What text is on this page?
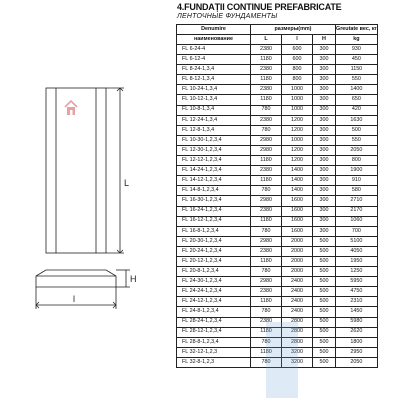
L
H
l
4.FUNDAȚII CONTINUE PREFABRICATE
ЛЕНТОЧНЫЕ ФУНДАМЕНТЫ
Denumire	размеры(mm)			Greutate вес, кг
наименование	L	l	H	kg
FL 6-24-4	2380	600	300	930
FL 6-12-4	1180	600	300	450
FL 8-24-1,3,4	2380	800	300	1150
FL 8-12-1,3,4	1180	800	300	550
FL 10-24-1,3,4	2380	1000	300	1400
FL 10-12-1,3,4	1180	1000	300	650
FL 10-8-1,3,4	780	1000	300	420
FL 12-24-1,3,4	2380	1200	300	1630
FL 12-8-1,3,4	780	1200	300	500
FL 10-30-1,2,3,4	2980	1000	300	550
FL 12-30-1,2,3,4	2980	1200	300	2050
FL 12-12-1,2,3,4	1180	1200	300	800
FL 14-24-1,2,3,4	2380	1400	300	1900
FL 14-12-1,2,3,4	1180	1400	300	910
FL 14-8-1,2,3,4	780	1400	300	580
FL 16-30-1,2,3,4	2980	1600	300	2710
FL 16-24-1,2,3,4	2380	1600	300	2170
FL 16-12-1,2,3,4	1180	1600	300	1060
FL 16-8-1,2,3,4	780	1600	300	700
FL 20-30-1,2,3,4	2980	2000	500	5100
FL 20-24-1,2,3,4	2380	2000	500	4050
FL 20-12-1,2,3,4	1180	2000	500	1950
FL 20-8-1,2,3,4	780	2000	500	1250
FL 24-30-1,2,3,4	2980	2400	500	5950
FL 24-24-1,2,3,4	2380	2400	500	4750
FL 24-12-1,2,3,4	1180	2400	500	2310
FL 24-8-1,2,3,4	780	2400	500	1450
FL 28-24-1,2,3,4	2380	2800	500	5980
FL 28-12-1,2,3,4	1180	2800	500	2620
FL 28-8-1,2,3,4	780	2800	500	1800
FL 32-12-1,2,3	1180	3200	500	2950
FL 32-8-1,2,3	780	3200	500	2050
